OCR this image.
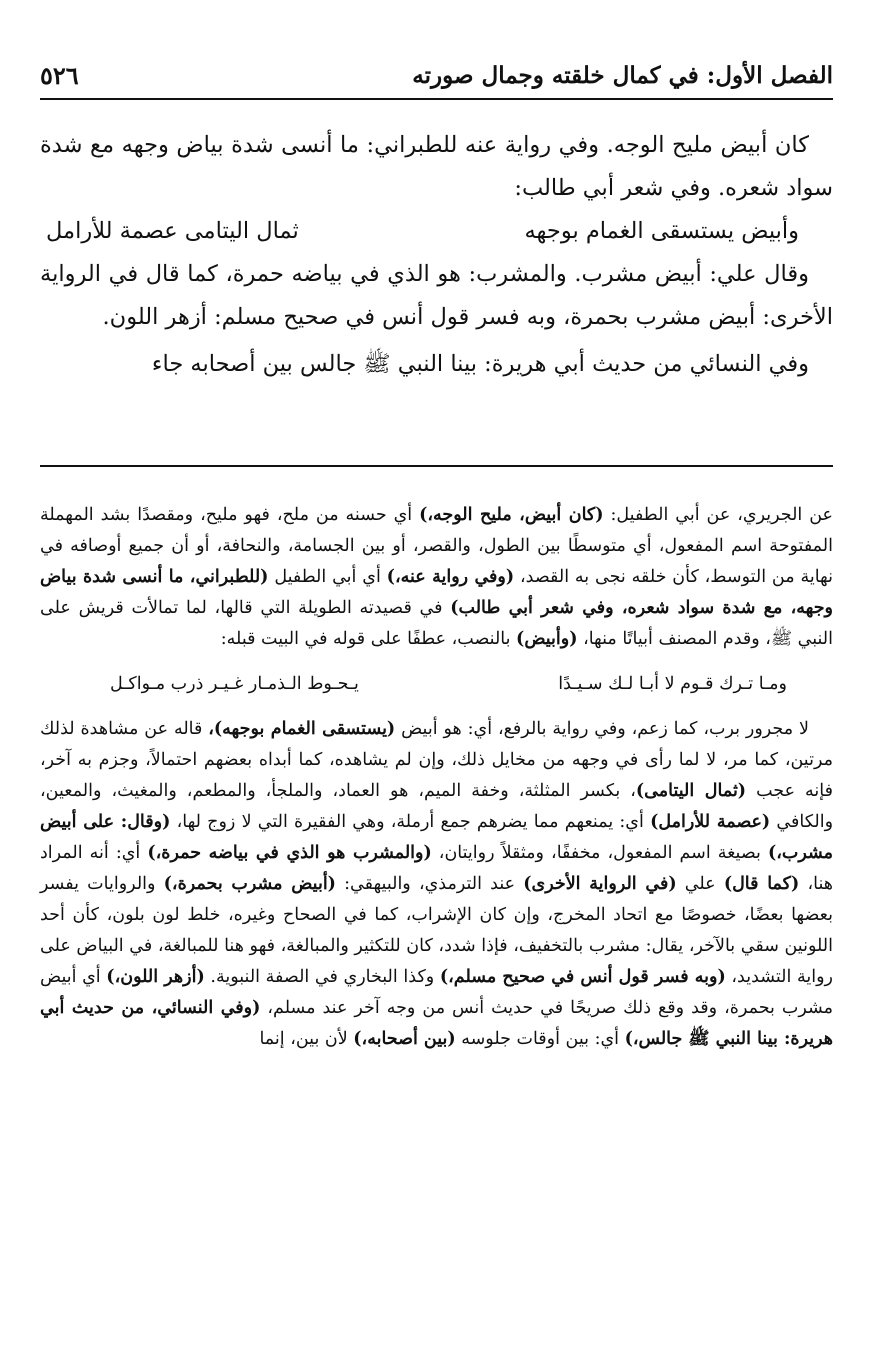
الفصل الأول: في كمال خلقته وجمال صورته
٥٢٦

كان أبيض مليح الوجه. وفي رواية عنه للطبراني: ما أنسى شدة بياض وجهه مع شدة سواد شعره. وفي شعر أبي طالب:

وأبيض يستسقى الغمام بوجهه
ثمال اليتامى عصمة للأرامل

وقال علي: أبيض مشرب. والمشرب: هو الذي في بياضه حمرة، كما قال في الرواية الأخرى: أبيض مشرب بحمرة، وبه فسر قول أنس في صحيح مسلم: أزهر اللون.

وفي النسائي من حديث أبي هريرة: بينا النبي ﷺ جالس بين أصحابه جاء

عن الجريري، عن أبي الطفيل: (كان أبيض، مليح الوجه،) أي حسنه من ملح، فهو مليح، ومقصدًا بشد المهملة المفتوحة اسم المفعول، أي متوسطًا بين الطول، والقصر، أو بين الجسامة، والنحافة، أو أن جميع أوصافه في نهاية من التوسط، كأن خلقه نجى به القصد، (وفي رواية عنه،) أي أبي الطفيل (للطبراني، ما أنسى شدة بياض وجهه، مع شدة سواد شعره، وفي شعر أبي طالب) في قصيدته الطويلة التي قالها، لما تمالأت قريش على النبي ﷺ، وقدم المصنف أبياتًا منها، (وأبيض) بالنصب، عطفًا على قوله في البيت قبله:

ومـا تـرك قـوم لا أبـا لـك سـيـدًا
يـحـوط الـذمـار غـيـر ذرب مـواكـل

لا مجرور برب، كما زعم، وفي رواية بالرفع، أي: هو أبيض (يستسقى الغمام بوجهه)، قاله عن مشاهدة لذلك مرتين، كما مر، لا لما رأى في وجهه من مخايل ذلك، وإن لم يشاهده، كما أبداه بعضهم احتمالاً، وجزم به آخر، فإنه عجب (ثمال اليتامى)، بكسر المثلثة، وخفة الميم، هو العماد، والملجأ، والمطعم، والمغيث، والمعين، والكافي (عصمة للأرامل) أي: يمنعهم مما يضرهم جمع أرملة، وهي الفقيرة التي لا زوج لها، (وقال: على أبيض مشرب،) بصيغة اسم المفعول، مخففًا، ومثقلاً روايتان، (والمشرب هو الذي في بياضه حمرة،) أي: أنه المراد هنا، (كما قال) علي (في الرواية الأخرى) عند الترمذي، والبيهقي: (أبيض مشرب بحمرة،) والروايات يفسر بعضها بعضًا، خصوصًا مع اتحاد المخرج، وإن كان الإشراب، كما في الصحاح وغيره، خلط لون بلون، كأن أحد اللونين سقي بالآخر، يقال: مشرب بالتخفيف، فإذا شدد، كان للتكثير والمبالغة، فهو هنا للمبالغة، في البياض على رواية التشديد، (وبه فسر قول أنس في صحيح مسلم،) وكذا البخاري في الصفة النبوية. (أزهر اللون،) أي أبيض مشرب بحمرة، وقد وقع ذلك صريحًا في حديث أنس من وجه آخر عند مسلم، (وفي النسائي، من حديث أبي هريرة: بينا النبي ﷺ جالس،) أي: بين أوقات جلوسه (بين أصحابه،) لأن بين، إنما
